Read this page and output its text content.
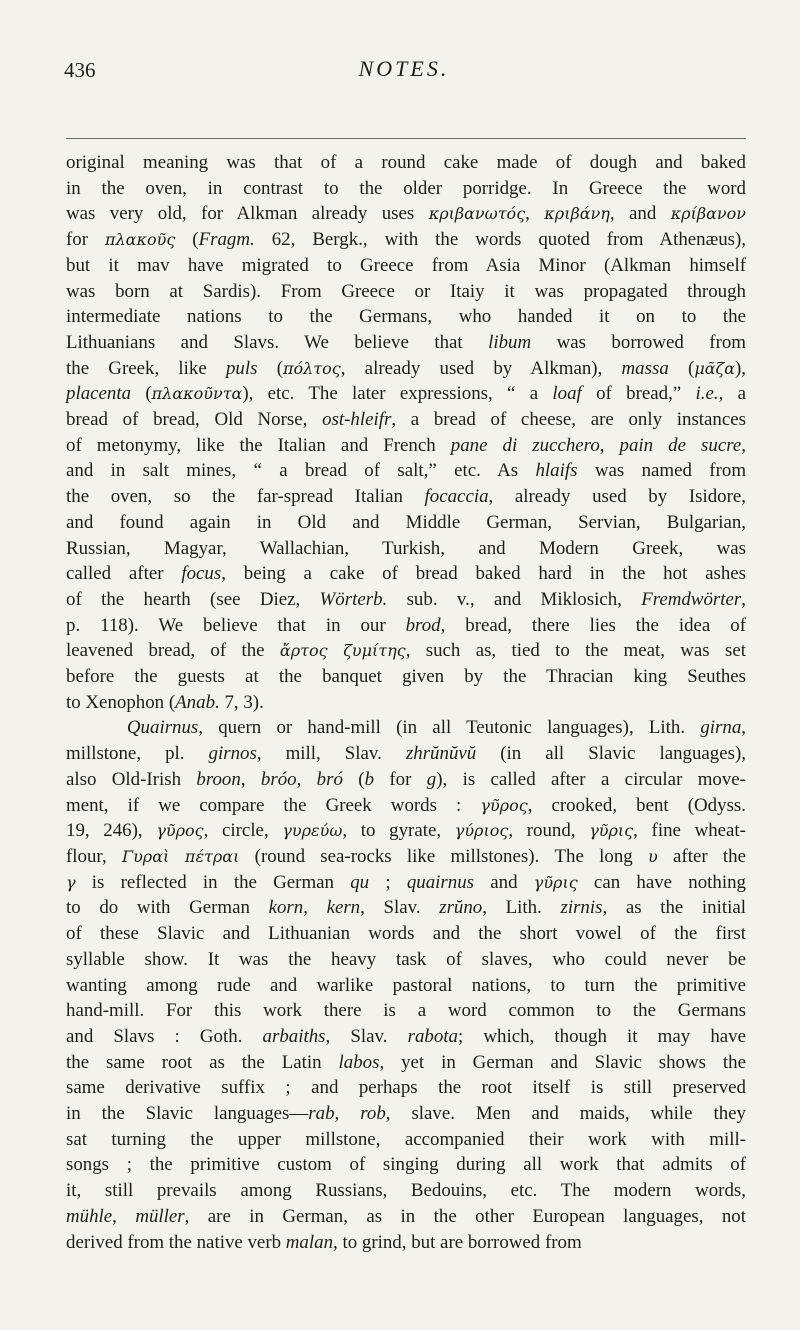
436	NOTES.
original meaning was that of a round cake made of dough and baked
in the oven, in contrast to the older porridge. In Greece the word
was very old, for Alkman already uses κριβανωτός, κριβάνη, and κρίβανον
for πλακοῦς (Fragm. 62, Bergk., with the words quoted from Athenæus),
but it mav have migrated to Greece from Asia Minor (Alkman himself
was born at Sardis). From Greece or Itaiy it was propagated through
intermediate nations to the Germans, who handed it on to the
Lithuanians and Slavs. We believe that libum was borrowed from
the Greek, like puls (πόλτος, already used by Alkman), massa (μᾶζα),
placenta (πλακοῦντα), etc. The later expressions, “ a loaf of bread,” i.e., a
bread of bread, Old Norse, ost-hleifr, a bread of cheese, are only instances
of metonymy, like the Italian and French pane di zucchero, pain de sucre,
and in salt mines, “ a bread of salt,” etc. As hlaifs was named from
the oven, so the far-spread Italian focaccia, already used by Isidore,
and found again in Old and Middle German, Servian, Bulgarian,
Russian, Magyar, Wallachian, Turkish, and Modern Greek, was
called after focus, being a cake of bread baked hard in the hot ashes
of the hearth (see Diez, Wörterb. sub. v., and Miklosich, Fremdwörter,
p. 118). We believe that in our brod, bread, there lies the idea of
leavened bread, of the ἄρτος ζυμίτης, such as, tied to the meat, was set
before the guests at the banquet given by the Thracian king Seuthes
to Xenophon (Anab. 7, 3).
Quairnus, quern or hand-mill (in all Teutonic languages), Lith. girna,
millstone, pl. girnos, mill, Slav. zhrŭnŭvŭ (in all Slavic languages),
also Old-Irish broon, bróo, bró (b for g), is called after a circular move-
ment, if we compare the Greek words : γῦρος, crooked, bent (Odyss.
19, 246), γῦρος, circle, γυρεύω, to gyrate, γύριος, round, γῦρις, fine wheat-
flour, Γυραὶ πέτραι (round sea-rocks like millstones). The long υ after the
γ is reflected in the German qu ; quairnus and γῦρις can have nothing
to do with German korn, kern, Slav. zrŭno, Lith. zirnis, as the initial
of these Slavic and Lithuanian words and the short vowel of the first
syllable show. It was the heavy task of slaves, who could never be
wanting among rude and warlike pastoral nations, to turn the primitive
hand-mill. For this work there is a word common to the Germans
and Slavs : Goth. arbaiths, Slav. rabota; which, though it may have
the same root as the Latin labos, yet in German and Slavic shows the
same derivative suffix ; and perhaps the root itself is still preserved
in the Slavic languages—rab, rob, slave. Men and maids, while they
sat turning the upper millstone, accompanied their work with mill-
songs ; the primitive custom of singing during all work that admits of
it, still prevails among Russians, Bedouins, etc. The modern words,
mühle, müller, are in German, as in the other European languages, not
derived from the native verb malan, to grind, but are borrowed from
